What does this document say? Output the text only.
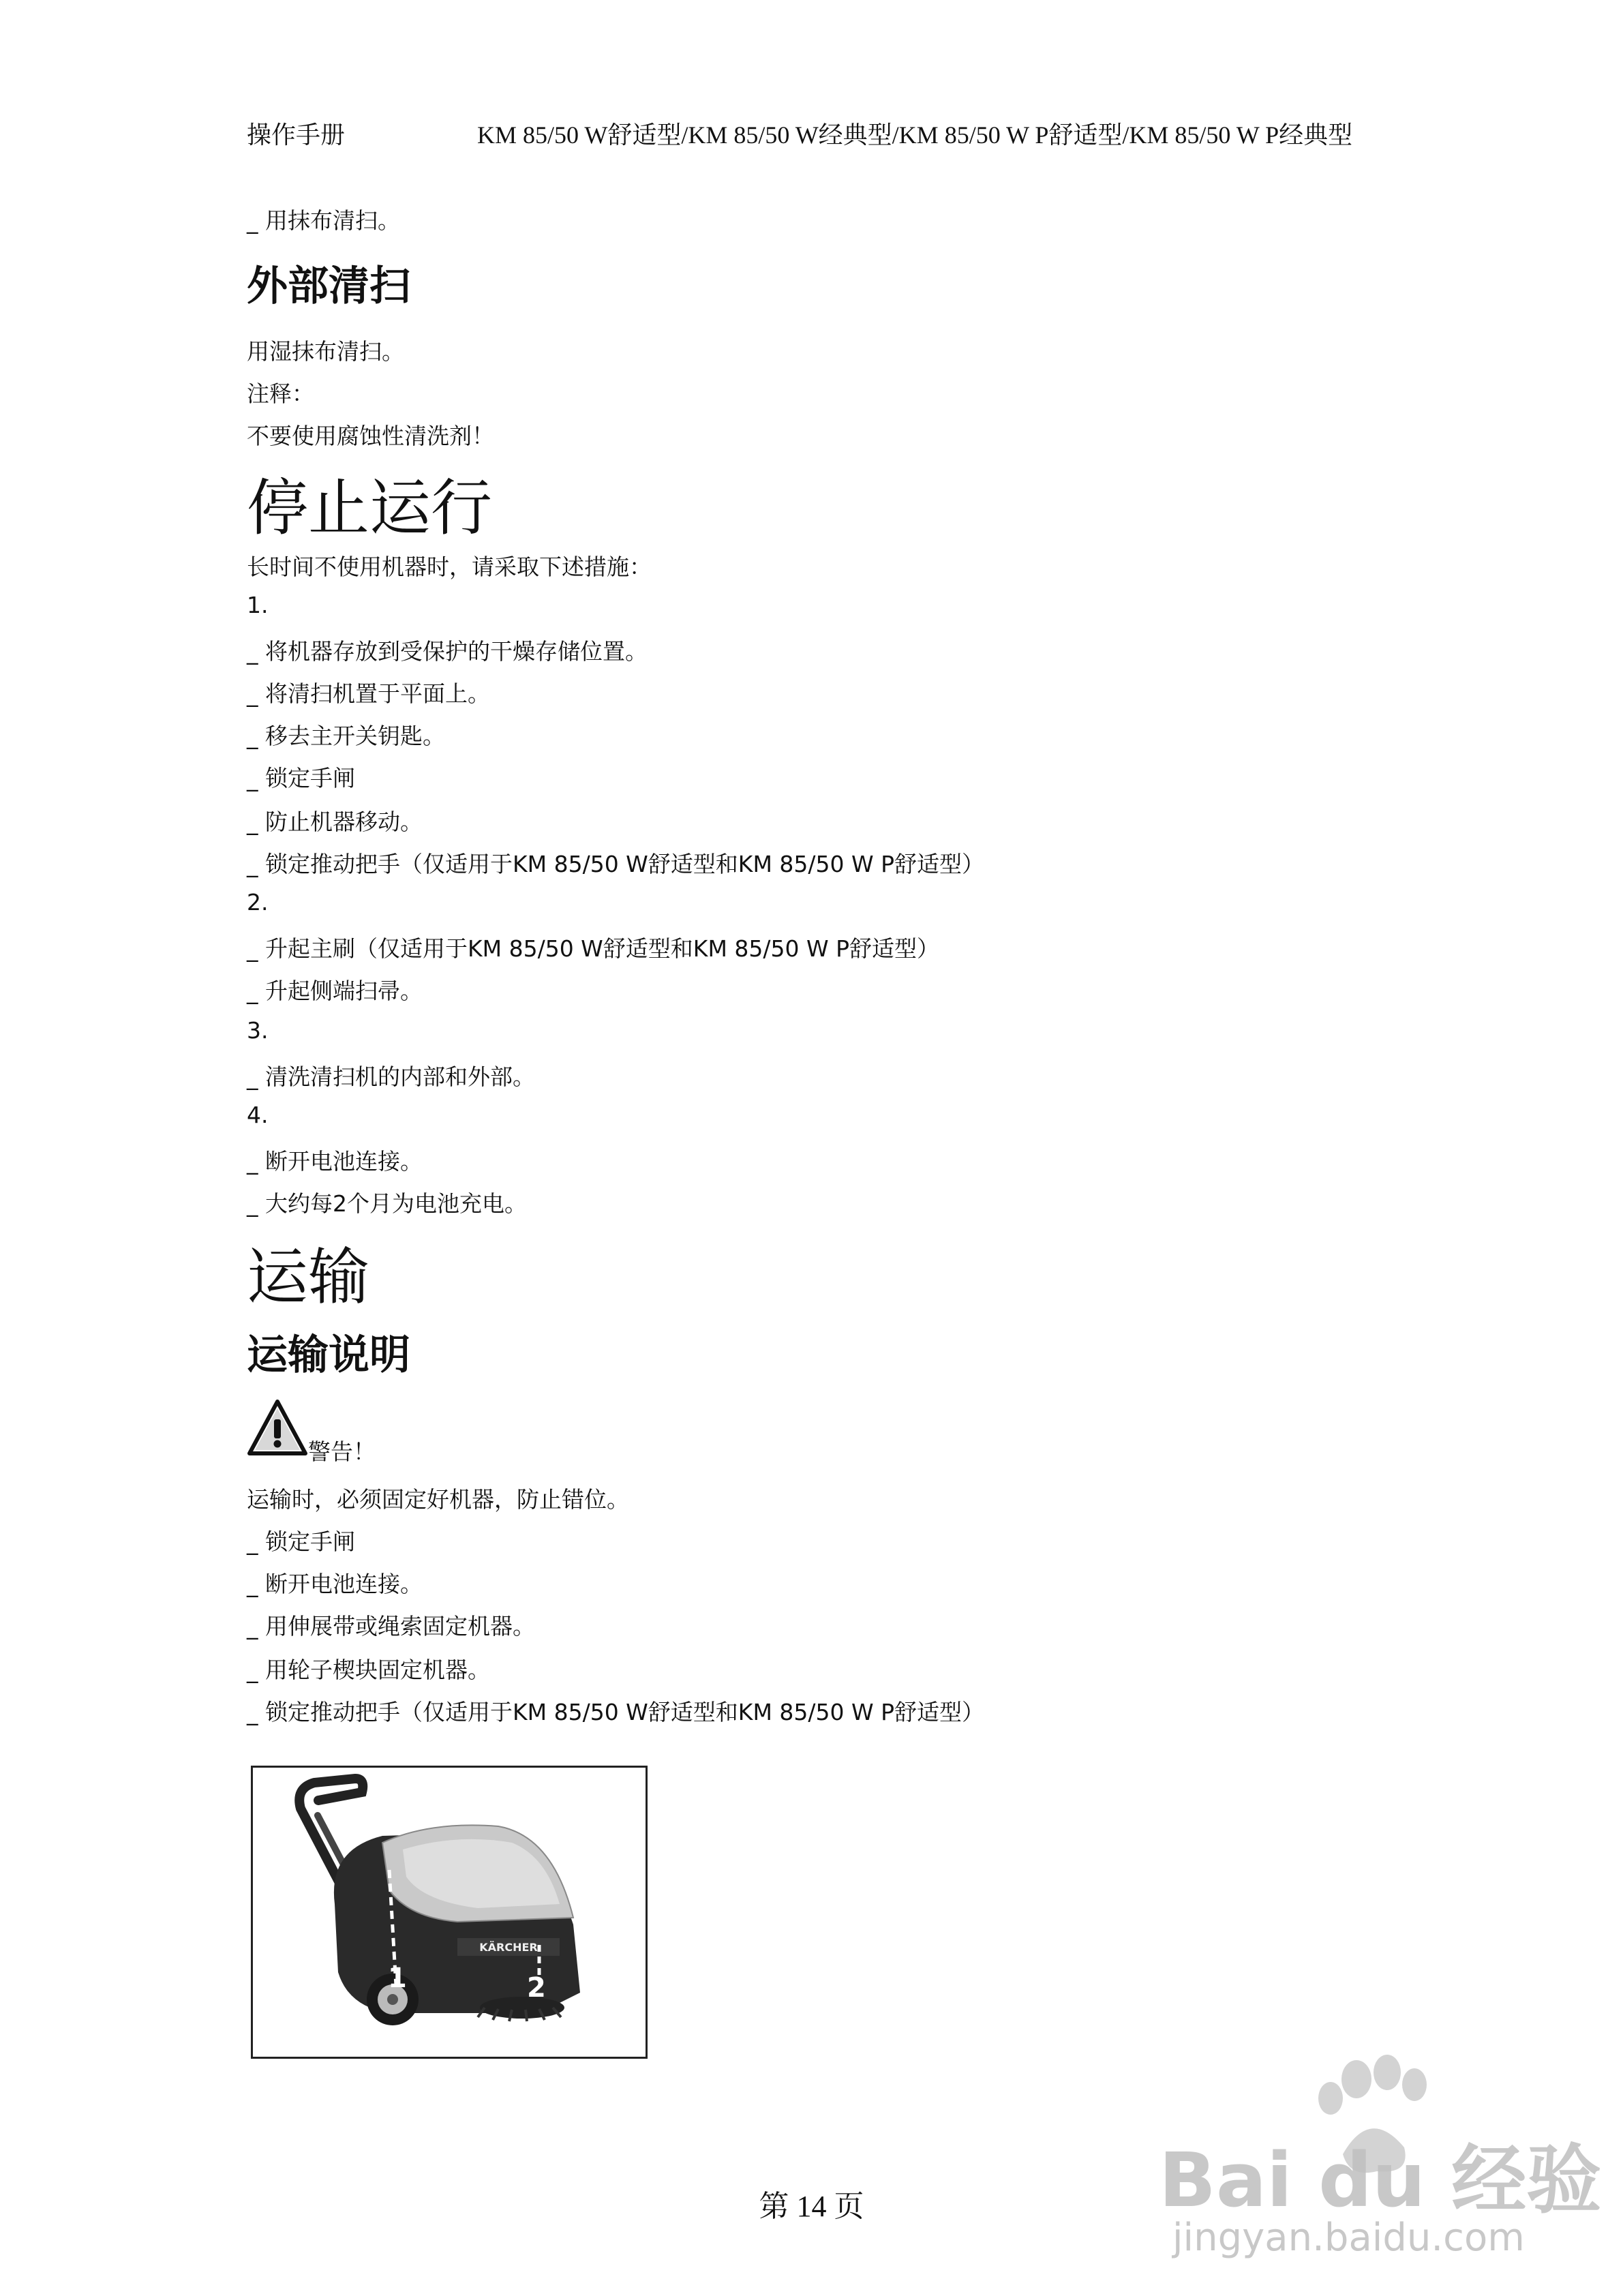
操作手册	KM 85/50 W舒适型/KM 85/50 W经典型/KM 85/50 W P舒适型/KM 85/50 W P经典型
_ 用抹布清扫。
外部清扫
用湿抹布清扫。
注释：
不要使用腐蚀性清洗剂！
停止运行
长时间不使用机器时，请采取下述措施：
1.
_ 将机器存放到受保护的干燥存储位置。
_ 将清扫机置于平面上。
_ 移去主开关钥匙。
_ 锁定手闸
_ 防止机器移动。
_ 锁定推动把手（仅适用于KM 85/50 W舒适型和KM 85/50 W P舒适型）
2.
_ 升起主刷（仅适用于KM 85/50 W舒适型和KM 85/50 W P舒适型）
_ 升起侧端扫帚。
3.
_ 清洗清扫机的内部和外部。
4.
_ 断开电池连接。
_ 大约每2个月为电池充电。
运输
运输说明
警告！
运输时，必须固定好机器，防止错位。
_ 锁定手闸
_ 断开电池连接。
_ 用伸展带或绳索固定机器。
_ 用轮子楔块固定机器。
_ 锁定推动把手（仅适用于KM 85/50 W舒适型和KM 85/50 W P舒适型）
KÄRCHER
1	2
第 14 页	Bai du 经验
jingyan.baidu.com
